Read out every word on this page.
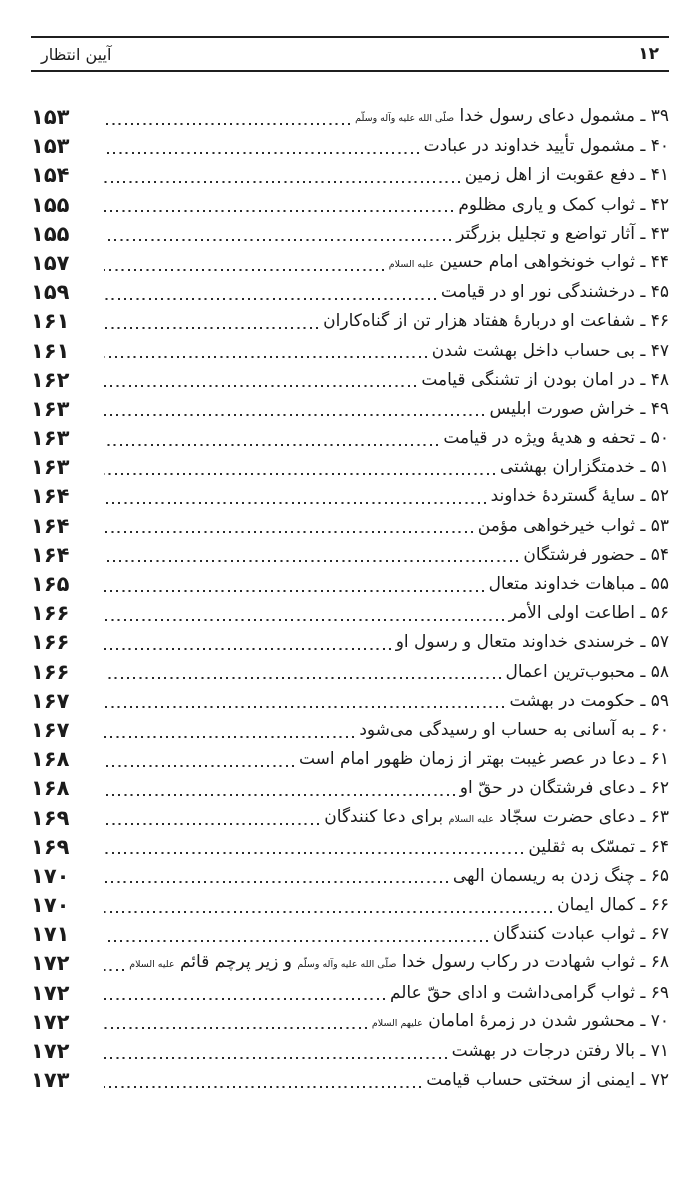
آیین انتظار	۱۲
۳۹ ـ مشمول دعای رسول خدا صلّی الله علیه وآله وسلّم
۱۵۳
۴۰ ـ مشمول تأیید خداوند در عبادت
۱۵۳
۴۱ ـ دفع عقوبت از اهل زمین
۱۵۴
۴۲ ـ ثواب کمک و یاری مظلوم
۱۵۵
۴۳ ـ آثار تواضع و تجلیل بزرگتر
۱۵۵
۴۴ ـ ثواب خونخواهی امام حسین علیه السلام
۱۵۷
۴۵ ـ درخشندگی نور او در قیامت
۱۵۹
۴۶ ـ شفاعت او دربارهٔ هفتاد هزار تن از گناه‌کاران
۱۶۱
۴۷ ـ بی حساب داخل بهشت شدن
۱۶۱
۴۸ ـ در امان بودن از تشنگی قیامت
۱۶۲
۴۹ ـ خراش صورت ابلیس
۱۶۳
۵۰ ـ تحفه و هدیهٔ ویژه در قیامت
۱۶۳
۵۱ ـ خدمتگزاران بهشتی
۱۶۳
۵۲ ـ سایهٔ گستردهٔ خداوند
۱۶۴
۵۳ ـ ثواب خیرخواهی مؤمن
۱۶۴
۵۴ ـ حضور فرشتگان
۱۶۴
۵۵ ـ مباهات خداوند متعال
۱۶۵
۵۶ ـ اطاعت اولی الأمر
۱۶۶
۵۷ ـ خرسندی خداوند متعال و رسول او
۱۶۶
۵۸ ـ محبوب‌ترین اعمال
۱۶۶
۵۹ ـ حکومت در بهشت
۱۶۷
۶۰ ـ به آسانی به حساب او رسیدگی می‌شود
۱۶۷
۶۱ ـ دعا در عصر غیبت بهتر از زمان ظهور امام است
۱۶۸
۶۲ ـ دعای فرشتگان در حقّ او
۱۶۸
۶۳ ـ دعای حضرت سجّاد علیه السلام برای دعا کنندگان
۱۶۹
۶۴ ـ تمسّک به ثقلین
۱۶۹
۶۵ ـ چنگ زدن به ریسمان الهی
۱۷۰
۶۶ ـ کمال ایمان
۱۷۰
۶۷ ـ ثواب عبادت کنندگان
۱۷۱
۶۸ ـ ثواب شهادت در رکاب رسول خدا صلّی الله علیه وآله وسلّم و زیر پرچم قائم علیه السلام
۱۷۲
۶۹ ـ ثواب گرامی‌داشت و ادای حقّ عالم
۱۷۲
۷۰ ـ محشور شدن در زمرهٔ امامان علیهم السلام
۱۷۲
۷۱ ـ بالا رفتن درجات در بهشت
۱۷۲
۷۲ ـ ایمنی از سختی حساب قیامت
۱۷۳
